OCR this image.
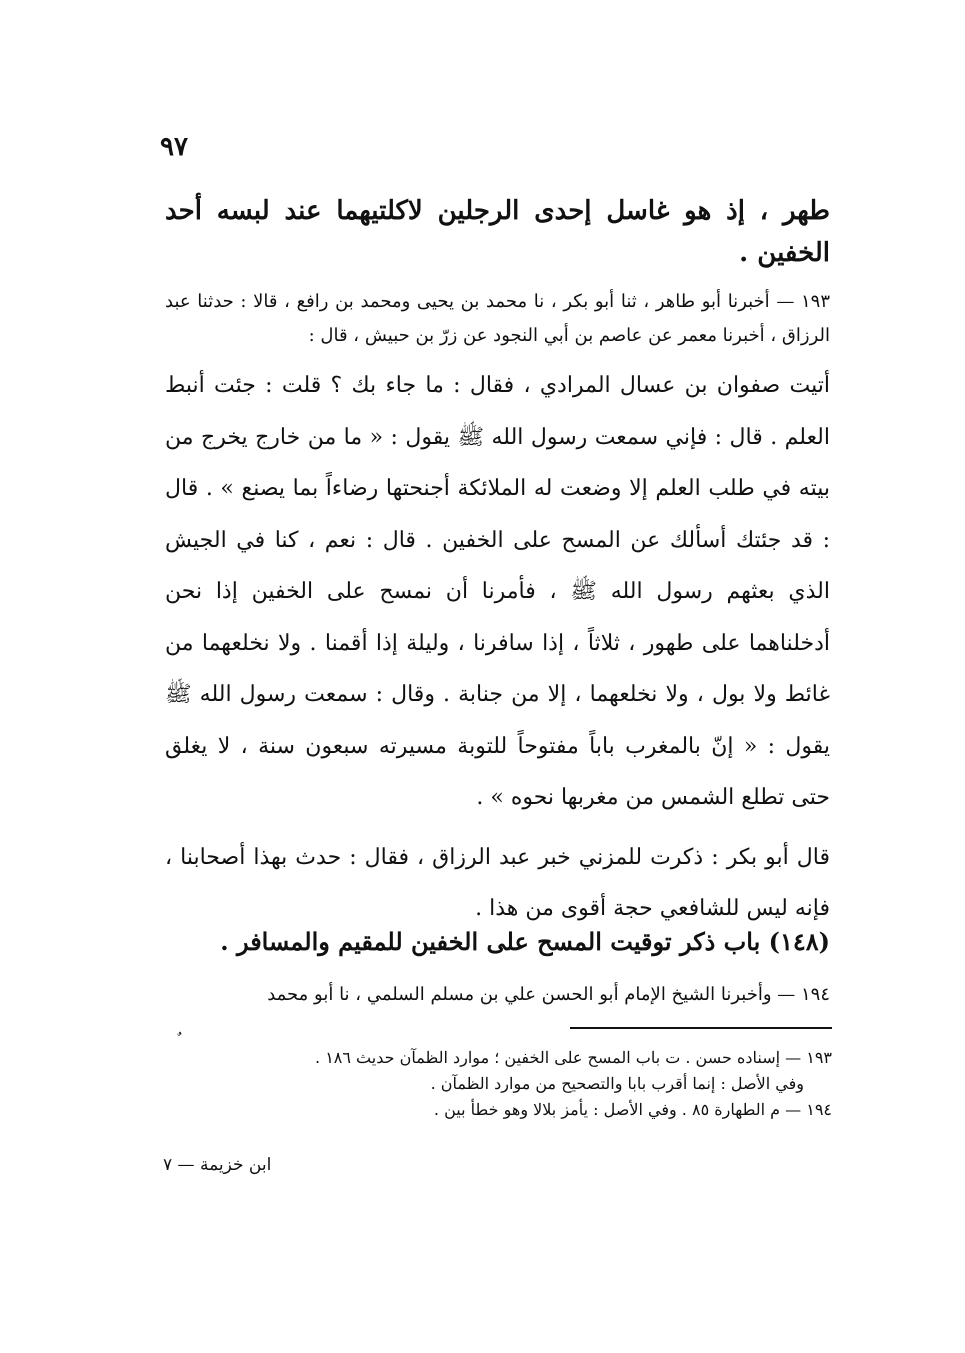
٩٧
طهر ، إذ هو غاسل إحدى الرجلين لاكلتيهما عند لبسه أحد الخفين .
١٩٣ — أخبرنا أبو طاهر ، ثنا أبو بكر ، نا محمد بن يحيى ومحمد بن رافع ، قالا : حدثنا عبد الرزاق ، أخبرنا معمر عن عاصم بن أبي النجود عن زرّ بن حبيش ، قال :

أتيت صفوان بن عسال المرادي ، فقال : ما جاء بك ؟ قلت : جئت أنبط العلم . قال : فإني سمعت رسول الله ﷺ يقول : « ما من خارج يخرج من بيته في طلب العلم إلا وضعت له الملائكة أجنحتها رضاءاً بما يصنع » . قال : قد جئتك أسألك عن المسح على الخفين . قال : نعم ، كنا في الجيش الذي بعثهم رسول الله ﷺ ، فأمرنا أن نمسح على الخفين إذا نحن أدخلناهما على طهور ، ثلاثاً ، إذا سافرنا ، وليلة إذا أقمنا . ولا نخلعهما من غائط ولا بول ، ولا نخلعهما ، إلا من جنابة . وقال : سمعت رسول الله ﷺ يقول : « إنّ بالمغرب باباً مفتوحاً للتوبة مسيرته سبعون سنة ، لا يغلق حتى تطلع الشمس من مغربها نحوه » .

قال أبو بكر : ذكرت للمزني خبر عبد الرزاق ، فقال : حدث بهذا أصحابنا ، فإنه ليس للشافعي حجة أقوى من هذا .

(١٤٨) باب ذكر توقيت المسح على الخفين للمقيم والمسافر .
١٩٤ — وأخبرنا الشيخ الإمام أبو الحسن علي بن مسلم السلمي ، نا أبو محمد

١٩٣ — إسناده حسن . ت باب المسح على الخفين ؛ موارد الظمآن حديث ١٨٦ .

وفي الأصل : إنما أقرب بابا والتصحيح من موارد الظمآن .

١٩٤ — م الطهارة ٨٥ . وفي الأصل : يأمز بلالا وهو خطأ بين .

ابن خزيمة — ٧
